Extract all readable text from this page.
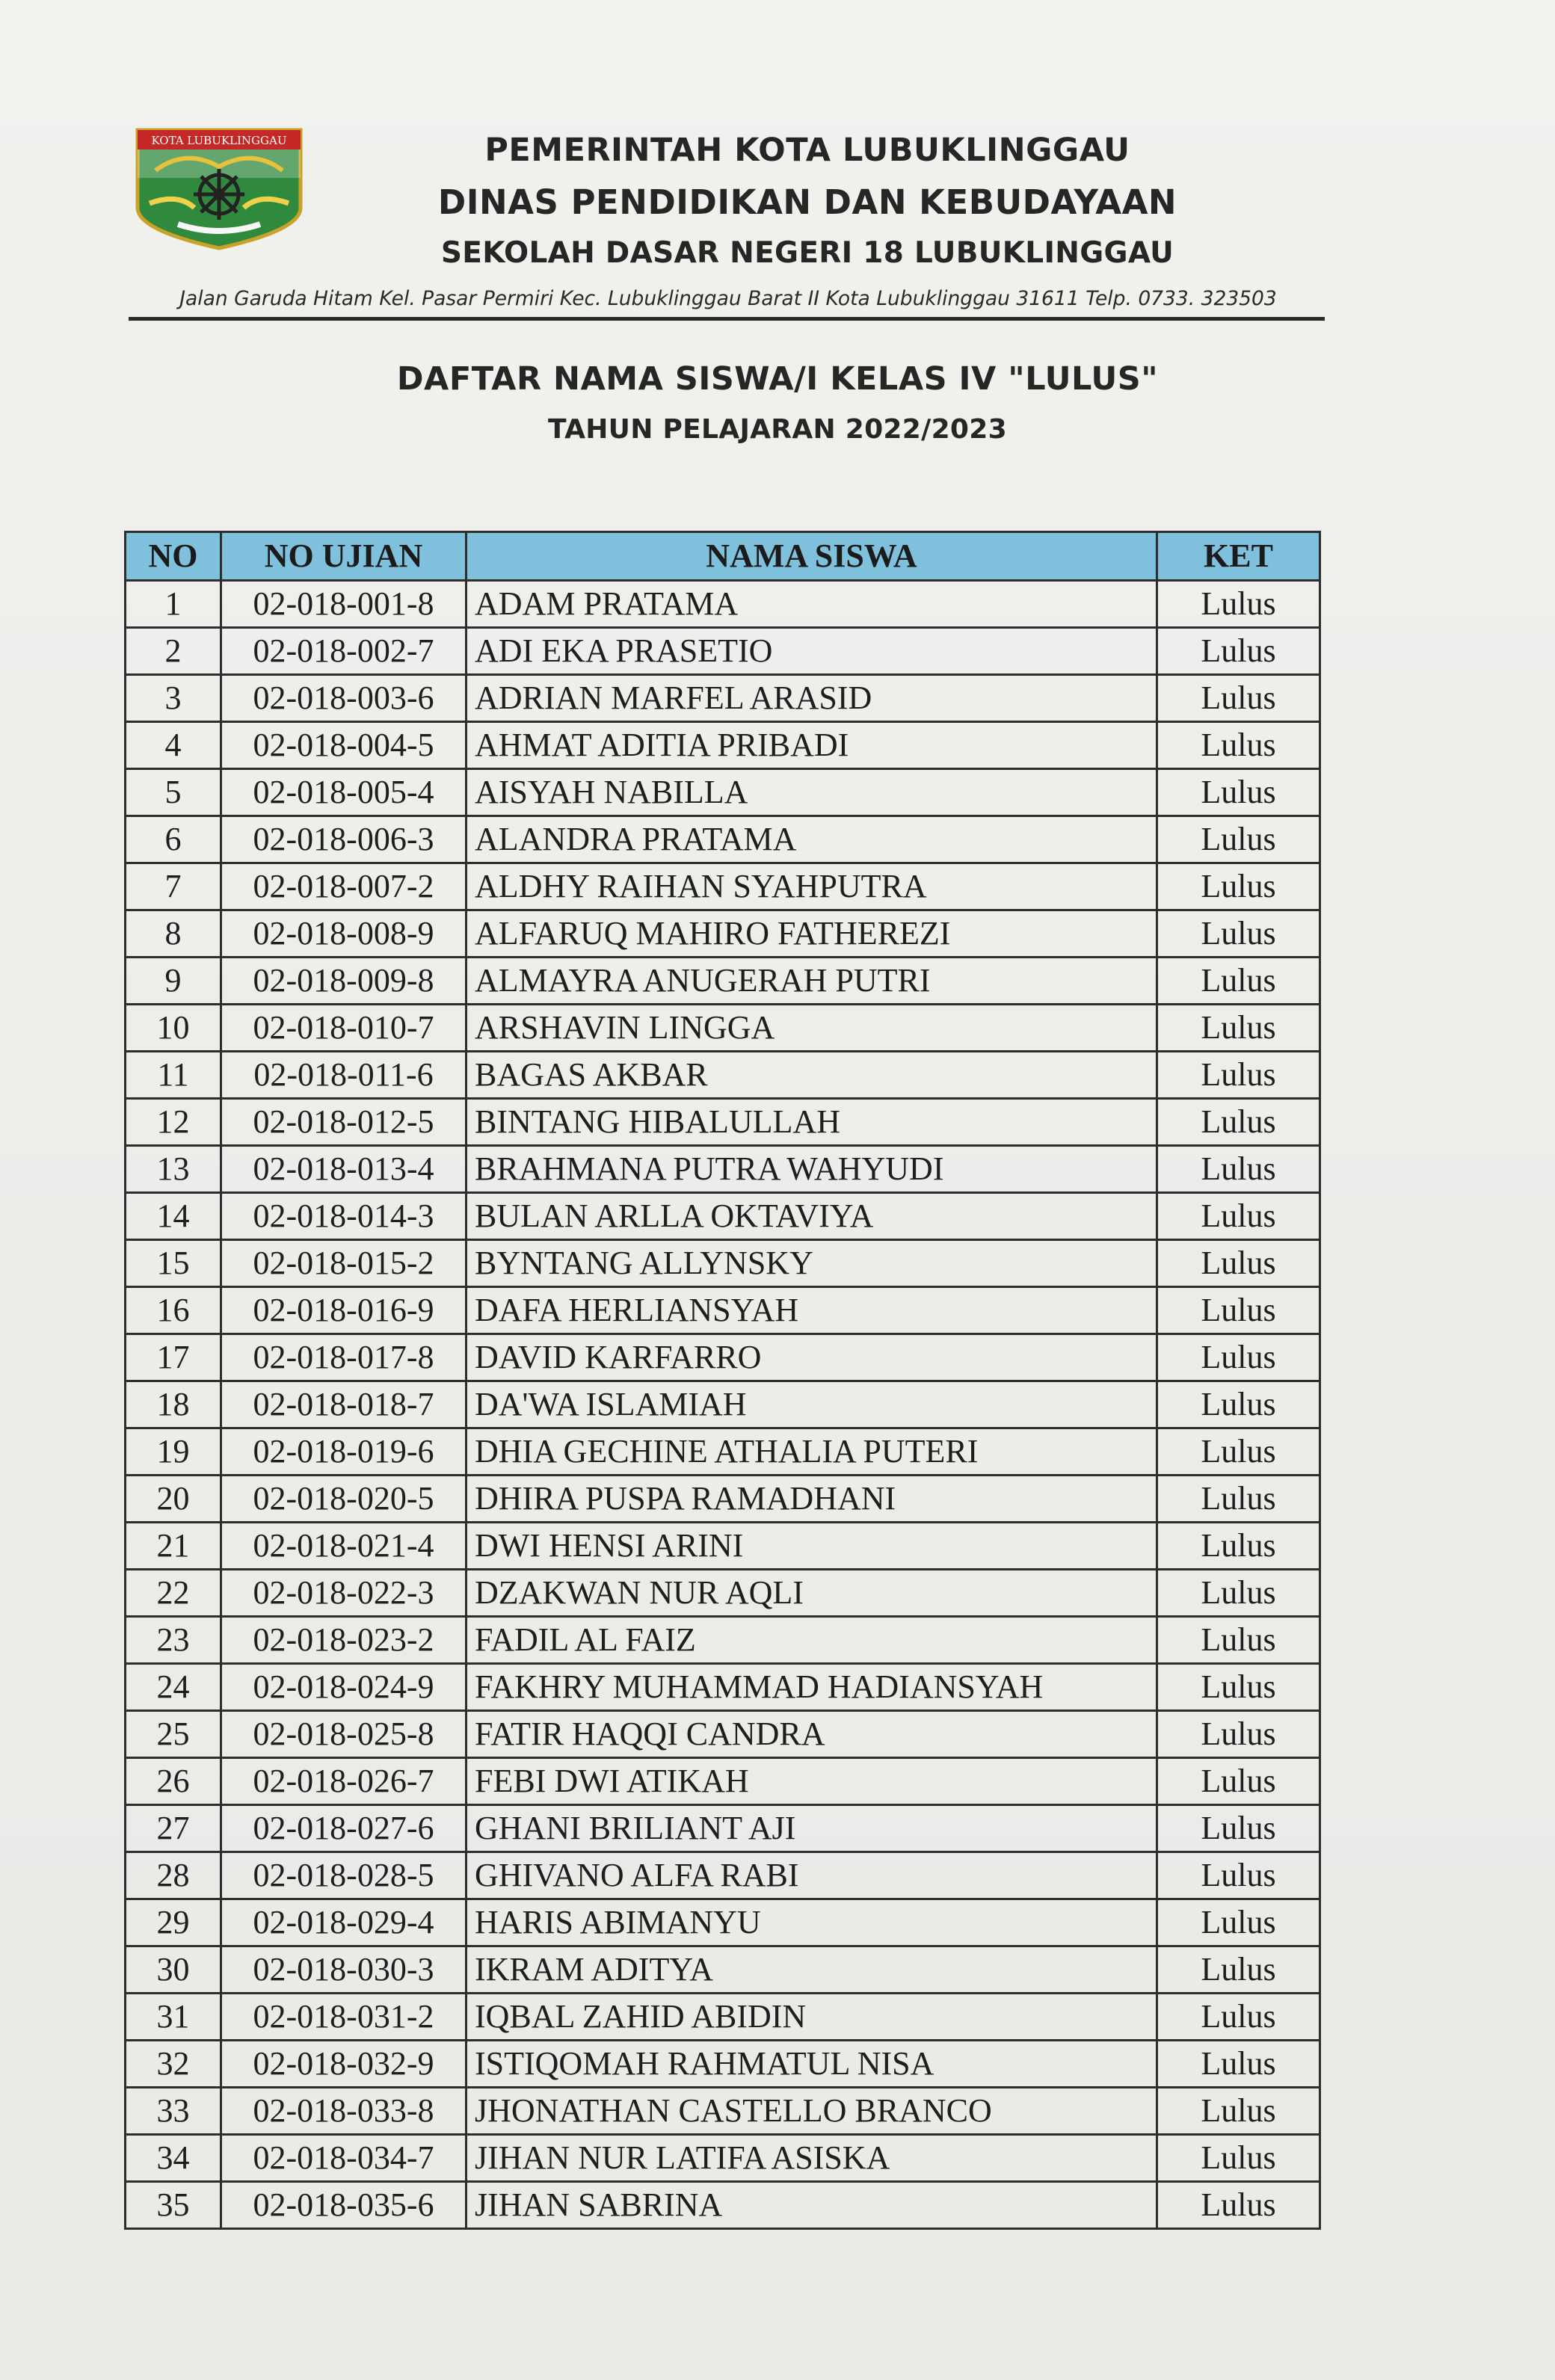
KOTA LUBUKLINGGAU	PEMERINTAH KOTA LUBUKLINGGAU
DINAS PENDIDIKAN DAN KEBUDAYAAN
SEKOLAH DASAR NEGERI 18 LUBUKLINGGAU
Jalan Garuda Hitam Kel. Pasar Permiri Kec. Lubuklinggau Barat II Kota Lubuklinggau 31611 Telp. 0733. 323503
DAFTAR NAMA SISWA/I KELAS IV "LULUS"
TAHUN PELAJARAN 2022/2023
NO	NO UJIAN	NAMA SISWA	KET
1	02-018-001-8	ADAM PRATAMA	Lulus
2	02-018-002-7	ADI EKA PRASETIO	Lulus
3	02-018-003-6	ADRIAN MARFEL ARASID	Lulus
4	02-018-004-5	AHMAT ADITIA PRIBADI	Lulus
5	02-018-005-4	AISYAH NABILLA	Lulus
6	02-018-006-3	ALANDRA PRATAMA	Lulus
7	02-018-007-2	ALDHY RAIHAN SYAHPUTRA	Lulus
8	02-018-008-9	ALFARUQ MAHIRO FATHEREZI	Lulus
9	02-018-009-8	ALMAYRA ANUGERAH PUTRI	Lulus
10	02-018-010-7	ARSHAVIN LINGGA	Lulus
11	02-018-011-6	BAGAS AKBAR	Lulus
12	02-018-012-5	BINTANG HIBALULLAH	Lulus
13	02-018-013-4	BRAHMANA PUTRA WAHYUDI	Lulus
14	02-018-014-3	BULAN ARLLA OKTAVIYA	Lulus
15	02-018-015-2	BYNTANG ALLYNSKY	Lulus
16	02-018-016-9	DAFA HERLIANSYAH	Lulus
17	02-018-017-8	DAVID KARFARRO	Lulus
18	02-018-018-7	DA'WA ISLAMIAH	Lulus
19	02-018-019-6	DHIA GECHINE ATHALIA PUTERI	Lulus
20	02-018-020-5	DHIRA PUSPA RAMADHANI	Lulus
21	02-018-021-4	DWI HENSI ARINI	Lulus
22	02-018-022-3	DZAKWAN NUR AQLI	Lulus
23	02-018-023-2	FADIL AL FAIZ	Lulus
24	02-018-024-9	FAKHRY MUHAMMAD HADIANSYAH	Lulus
25	02-018-025-8	FATIR HAQQI CANDRA	Lulus
26	02-018-026-7	FEBI DWI ATIKAH	Lulus
27	02-018-027-6	GHANI BRILIANT AJI	Lulus
28	02-018-028-5	GHIVANO ALFA RABI	Lulus
29	02-018-029-4	HARIS ABIMANYU	Lulus
30	02-018-030-3	IKRAM ADITYA	Lulus
31	02-018-031-2	IQBAL ZAHID ABIDIN	Lulus
32	02-018-032-9	ISTIQOMAH RAHMATUL NISA	Lulus
33	02-018-033-8	JHONATHAN CASTELLO BRANCO	Lulus
34	02-018-034-7	JIHAN NUR LATIFA ASISKA	Lulus
35	02-018-035-6	JIHAN SABRINA	Lulus
